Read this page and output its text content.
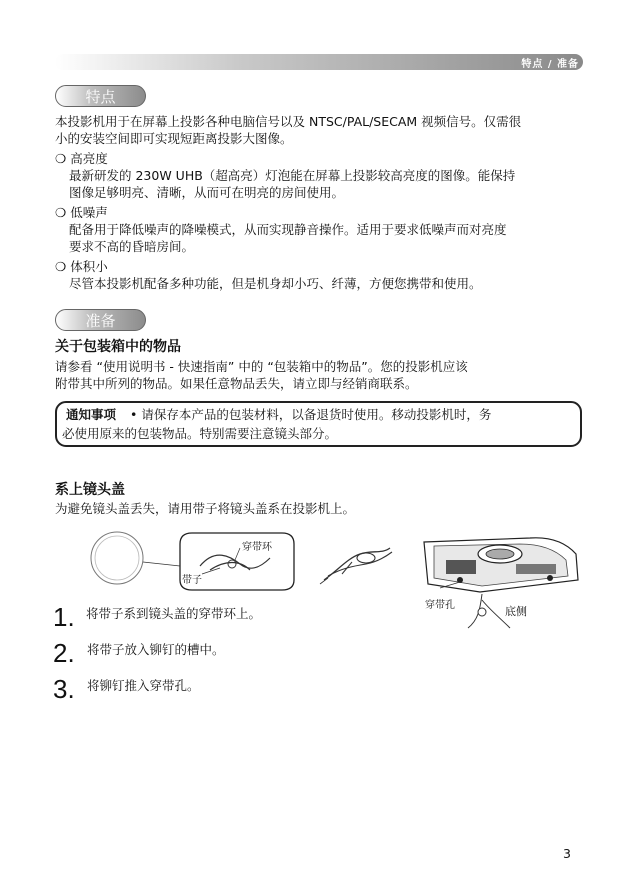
特点 / 准备
特点
本投影机用于在屏幕上投影各种电脑信号以及 NTSC/PAL/SECAM 视频信号。仅需很
小的安装空间即可实现短距离投影大图像。
❍ 高亮度
最新研发的 230W UHB（超高亮）灯泡能在屏幕上投影较高亮度的图像。能保持
图像足够明亮、清晰，从而可在明亮的房间使用。
❍ 低噪声
配备用于降低噪声的降噪模式，从而实现静音操作。适用于要求低噪声而对亮度
要求不高的昏暗房间。
❍ 体积小
尽管本投影机配备多种功能，但是机身却小巧、纤薄，方便您携带和使用。
准备
关于包装箱中的物品
请参看 “使用说明书 - 快速指南” 中的 “包装箱中的物品”。您的投影机应该
附带其中所列的物品。如果任意物品丢失，请立即与经销商联系。
通知事项 • 请保存本产品的包装材料，以备退货时使用。移动投影机时，务
必使用原来的包装物品。特别需要注意镜头部分。
系上镜头盖
为避免镜头盖丢失，请用带子将镜头盖系在投影机上。
穿带环
带子
穿带孔	底侧
1. 将带子系到镜头盖的穿带环上。
2. 将带子放入铆钉的槽中。
3. 将铆钉推入穿带孔。
3
